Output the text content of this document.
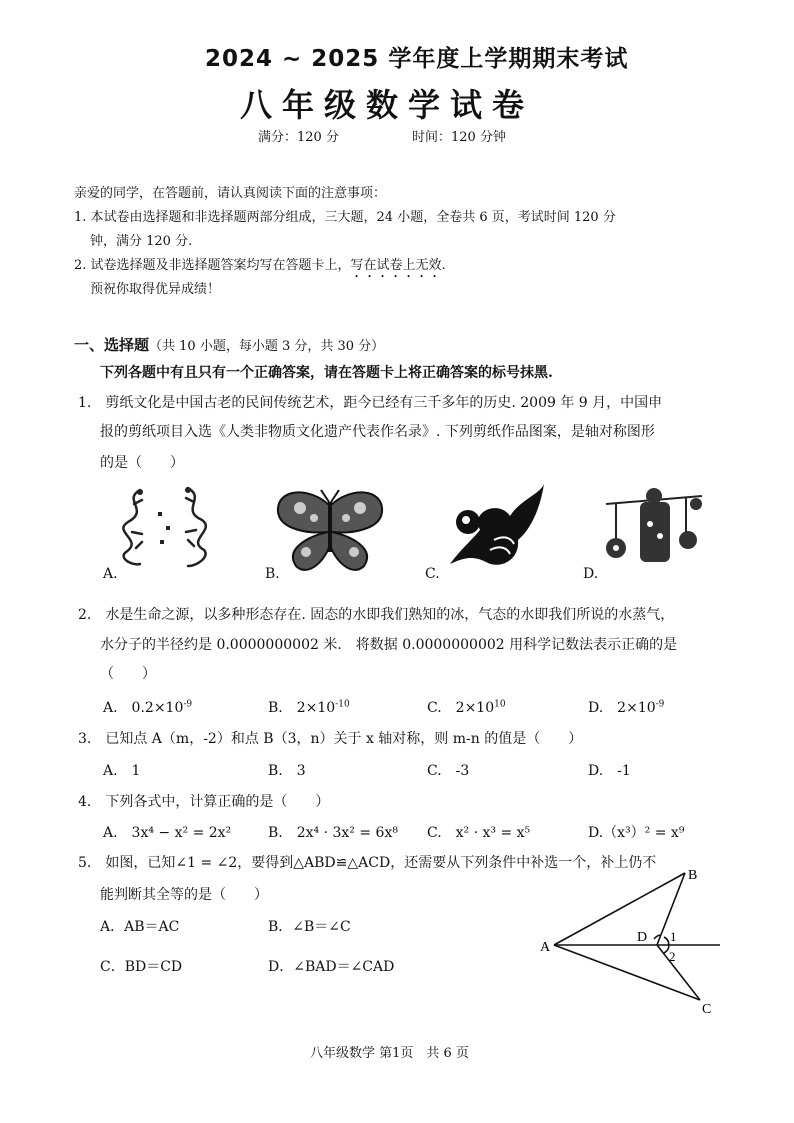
2024 ~ 2025 学年度上学期期末考试
八年级数学试卷
满分：120 分	时间：120 分钟
亲爱的同学，在答题前，请认真阅读下面的注意事项：
1. 本试卷由选择题和非选择题两部分组成，三大题，24 小题，全卷共 6 页，考试时间 120 分
钟，满分 120 分.
2. 试卷选择题及非选择题答案均写在答题卡上，写在试卷上无效.
预祝你取得优异成绩！
一、选择题（共 10 小题，每小题 3 分，共 30 分）
下列各题中有且只有一个正确答案，请在答题卡上将正确答案的标号抹黑.
1.　剪纸文化是中国古老的民间传统艺术，距今已经有三千多年的历史. 2009 年 9 月，中国申
报的剪纸项目入选《人类非物质文化遗产代表作名录》. 下列剪纸作品图案，是轴对称图形
的是（　　）
A.	B.	C.	D.
2.　水是生命之源，以多种形态存在. 固态的水即我们熟知的冰，气态的水即我们所说的水蒸气，
水分子的半径约是 0.0000000002 米.　将数据 0.0000000002 用科学记数法表示正确的是
（　　）
A.　$0.2\times 10^{-9}$	B.　$2\times 10^{-10}$	C.　$2\times 10^{10}$	D.　$2\times 10^{-9}$
3.　已知点 A（m，-2）和点 B（3，n）关于 x 轴对称，则 m-n 的值是（　　）
A.　1	B.　3	C.　-3	D.　-1
4.　下列各式中，计算正确的是（　　）
A.　3x⁴ − x² = 2x²	B.　2x⁴ · 3x² = 6x⁸ C.　x² · x³ = x⁵	D.（x³）² = x⁹
5.　如图，已知∠1 = ∠2，要得到△ABD≌△ACD，还需要从下列条件中补选一个，补上仍不
能判断其全等的是（　　）
A．AB＝AC	B．∠B＝∠C
C．BD＝CD	D．∠BAD＝∠CAD
A
B
C
D 1
2
八年级数学 第1页　共 6 页
